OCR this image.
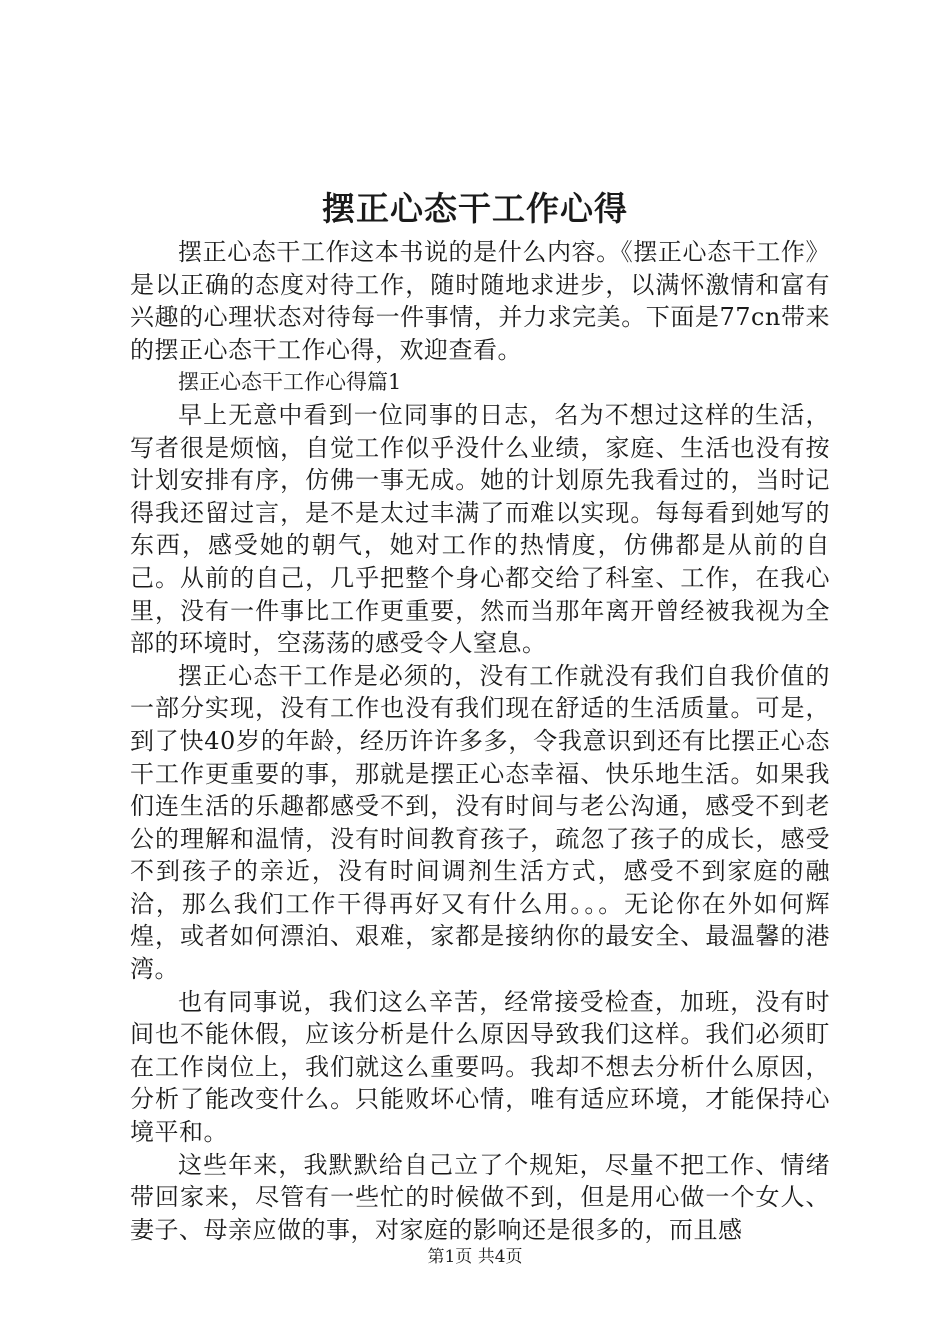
摆正心态干工作心得

摆正心态干工作这本书说的是什么内容。《摆正心态干工作》是以正确的态度对待工作，随时随地求进步，以满怀激情和富有兴趣的心理状态对待每一件事情，并力求完美。下面是77cn带来的摆正心态干工作心得，欢迎查看。

摆正心态干工作心得篇1

早上无意中看到一位同事的日志，名为不想过这样的生活，写者很是烦恼，自觉工作似乎没什么业绩，家庭、生活也没有按计划安排有序，仿佛一事无成。她的计划原先我看过的，当时记得我还留过言，是不是太过丰满了而难以实现。每每看到她写的东西，感受她的朝气，她对工作的热情度，仿佛都是从前的自己。从前的自己，几乎把整个身心都交给了科室、工作，在我心里，没有一件事比工作更重要，然而当那年离开曾经被我视为全部的环境时，空荡荡的感受令人窒息。

摆正心态干工作是必须的，没有工作就没有我们自我价值的一部分实现，没有工作也没有我们现在舒适的生活质量。可是，到了快40岁的年龄，经历许许多多，令我意识到还有比摆正心态干工作更重要的事，那就是摆正心态幸福、快乐地生活。如果我们连生活的乐趣都感受不到，没有时间与老公沟通，感受不到老公的理解和温情，没有时间教育孩子，疏忽了孩子的成长，感受不到孩子的亲近，没有时间调剂生活方式，感受不到家庭的融洽，那么我们工作干得再好又有什么用。。。无论你在外如何辉煌，或者如何漂泊、艰难，家都是接纳你的最安全、最温馨的港湾。

也有同事说，我们这么辛苦，经常接受检查，加班，没有时间也不能休假，应该分析是什么原因导致我们这样。我们必须盯在工作岗位上，我们就这么重要吗。我却不想去分析什么原因，分析了能改变什么。只能败坏心情，唯有适应环境，才能保持心境平和。

这些年来，我默默给自己立了个规矩，尽量不把工作、情绪带回家来，尽管有一些忙的时候做不到，但是用心做一个女人、妻子、母亲应做的事，对家庭的影响还是很多的，而且感

第1页 共4页
